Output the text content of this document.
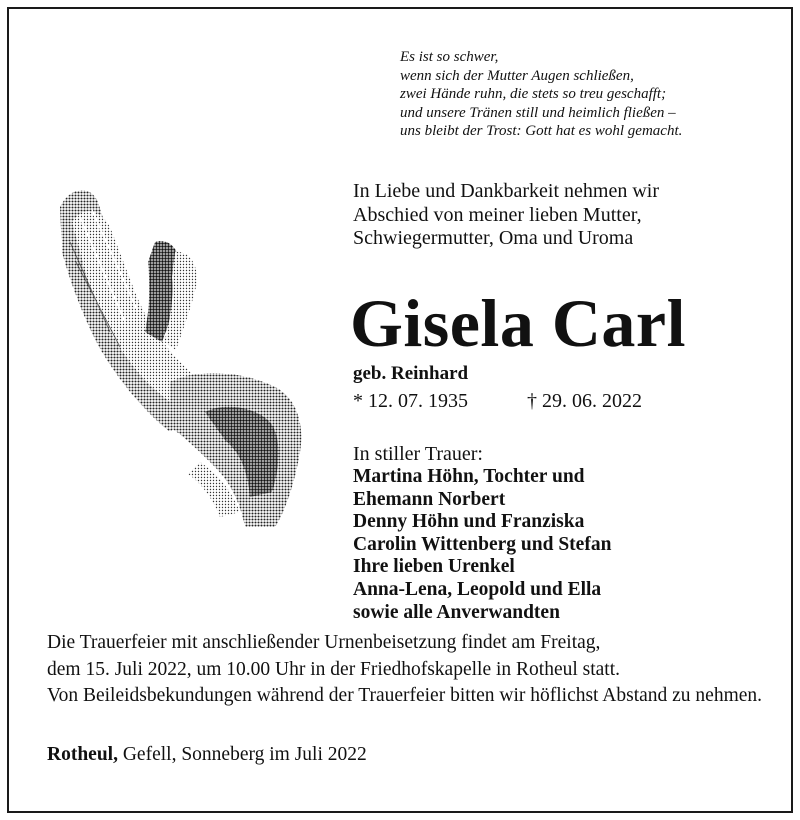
Es ist so schwer,
wenn sich der Mutter Augen schließen,
zwei Hände ruhn, die stets so treu geschafft;
und unsere Tränen still und heimlich fließen –
uns bleibt der Trost: Gott hat es wohl gemacht.
In Liebe und Dankbarkeit nehmen wir
Abschied von meiner lieben Mutter,
Schwiegermutter, Oma und Uroma
Gisela Carl
geb. Reinhard
* 12. 07. 1935	† 29. 06. 2022
In stiller Trauer:
Martina Höhn, Tochter und
Ehemann Norbert
Denny Höhn und Franziska
Carolin Wittenberg und Stefan
Ihre lieben Urenkel
Anna-Lena, Leopold und Ella
sowie alle Anverwandten
Die Trauerfeier mit anschließender Urnenbeisetzung findet am Freitag,
dem 15. Juli 2022, um 10.00 Uhr in der Friedhofskapelle in Rotheul statt.
Von Beileidsbekundungen während der Trauerfeier bitten wir höflichst Abstand zu nehmen.
Rotheul, Gefell, Sonneberg im Juli 2022
